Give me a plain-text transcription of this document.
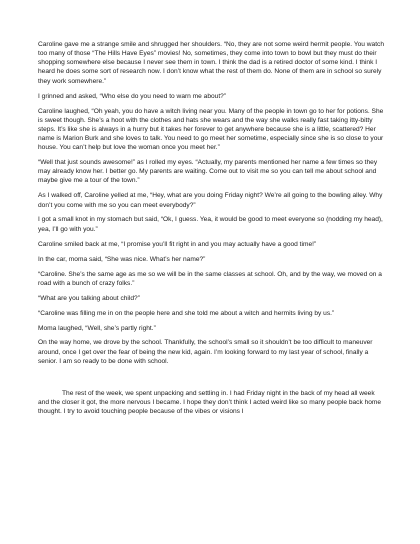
Caroline gave me a strange smile and shrugged her shoulders. “No, they are not some weird hermit people. You watch too many of those “The Hills Have Eyes” movies! No, sometimes, they come into town to bowl but they must do their shopping somewhere else because I never see them in town. I think the dad is a retired doctor of some kind. I think I heard he does some sort of research now. I don’t know what the rest of them do. None of them are in school so surely they work somewhere.”

I grinned and asked, “Who else do you need to warn me about?”

Caroline laughed, “Oh yeah, you do have a witch living near you. Many of the people in town go to her for potions. She is sweet though. She’s a hoot with the clothes and hats she wears and the way she walks really fast taking itty-bitty steps. It’s like she is always in a hurry but it takes her forever to get anywhere because she is a little, scattered? Her name is Marion Burk and she loves to talk. You need to go meet her sometime, especially since she is so close to your house. You can’t help but love the woman once you meet her.”

“Well that just sounds awesome!” as I rolled my eyes. “Actually, my parents mentioned her name a few times so they may already know her. I better go. My parents are waiting. Come out to visit me so you can tell me about school and maybe give me a tour of the town.”

As I walked off, Caroline yelled at me, “Hey, what are you doing Friday night? We’re all going to the bowling alley. Why don’t you come with me so you can meet everybody?”

I got a small knot in my stomach but said, “Ok, I guess. Yea, it would be good to meet everyone so (nodding my head), yea, I’ll go with you.”

Caroline smiled back at me, “I promise you’ll fit right in and you may actually have a good time!”

In the car, moma said, “She was nice. What’s her name?”

“Caroline. She’s the same age as me so we will be in the same classes at school. Oh, and by the way, we moved on a road with a bunch of crazy folks.”

“What are you talking about child?”

“Caroline was filling me in on the people here and she told me about a witch and hermits living by us.”

Moma laughed, “Well, she’s partly right.”

On the way home, we drove by the school. Thankfully, the school’s small so it shouldn’t be too difficult to maneuver around, once I get over the fear of being the new kid, again. I’m looking forward to my last year of school, finally a senior. I am so ready to be done with school.

The rest of the week, we spent unpacking and settling in. I had Friday night in the back of my head all week and the closer it got, the more nervous I became. I hope they don’t think I acted weird like so many people back home thought. I try to avoid touching people because of the vibes or visions I
